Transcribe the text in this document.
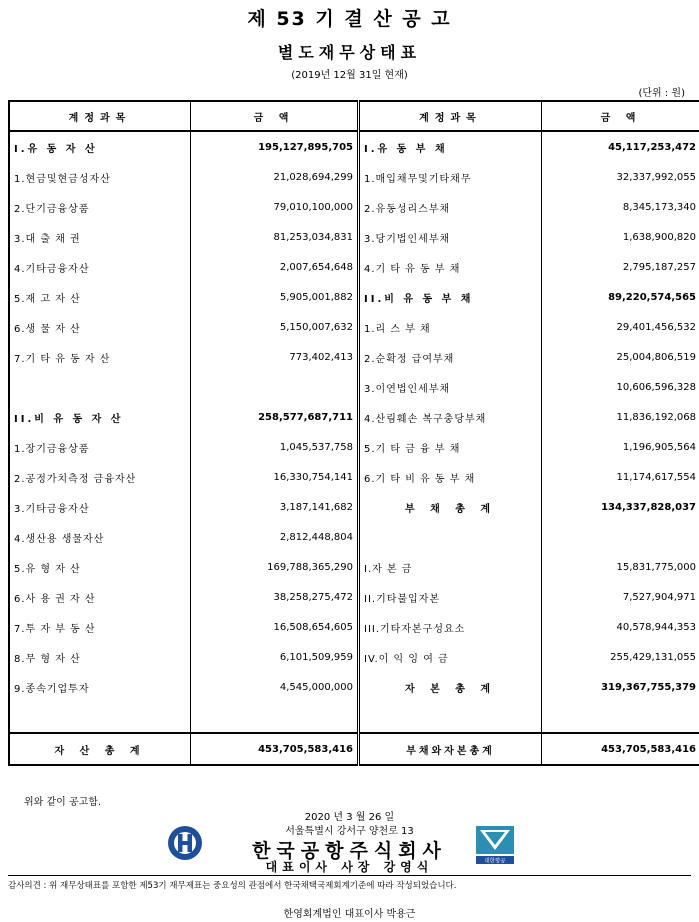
제 53 기 결 산 공 고
별도재무상태표
(2019년 12월 31일 현재)
(단위 : 원)
계정과목	금 액	계정과목	금 액
I.유 동 자 산	195,127,895,705	I.유 동 부 채	45,117,253,472
1.현금및현금성자산	21,028,694,299	1.매입채무및기타채무	32,337,992,055
2.단기금융상품	79,010,100,000	2.유동성리스부채	8,345,173,340
3.대 출 채 권	81,253,034,831	3.당기법인세부채	1,638,900,820
4.기타금융자산	2,007,654,648	4.기 타 유 동 부 채	2,795,187,257
5.재 고 자 산	5,905,001,882	II.비 유 동 부 채	89,220,574,565
6.생 물 자 산	5,150,007,632	1.리 스 부 채	29,401,456,532
7.기 타 유 동 자 산	773,402,413	2.순확정 급여부채	25,004,806,519
		3.이연법인세부채	10,606,596,328
II.비 유 동 자 산	258,577,687,711	4.산림훼손 복구충당부채	11,836,192,068
1.장기금융상품	1,045,537,758	5.기 타 금 융 부 채	1,196,905,564
2.공정가치측정 금융자산	16,330,754,141	6.기 타 비 유 동 부 채	11,174,617,554
3.기타금융자산	3,187,141,682	부 채 총 계	134,337,828,037
4.생산용 생물자산	2,812,448,804		
5.유 형 자 산	169,788,365,290	I.자 본 금	15,831,775,000
6.사 용 권 자 산	38,258,275,472	II.기타불입자본	7,527,904,971
7.투 자 부 동 산	16,508,654,605	III.기타자본구성요소	40,578,944,353
8.무 형 자 산	6,101,509,959	IV.이 익 잉 여 금	255,429,131,055
9.종속기업투자	4,545,000,000	자 본 총 계	319,367,755,379

자 산 총 계	453,705,583,416	부채와자본총계	453,705,583,416
위와 같이 공고함.
2020 년 3 월 26 일
서울특별시 강서구 양천로 13
한국공항주식회사
대표이사 사장 강영식	대한항공
감사의견 : 위 재무상태표를 포함한 제53기 재무제표는 중요성의 관점에서 한국채택국제회계기준에 따라 작성되었습니다.
한영회계법인 대표이사 박용근
